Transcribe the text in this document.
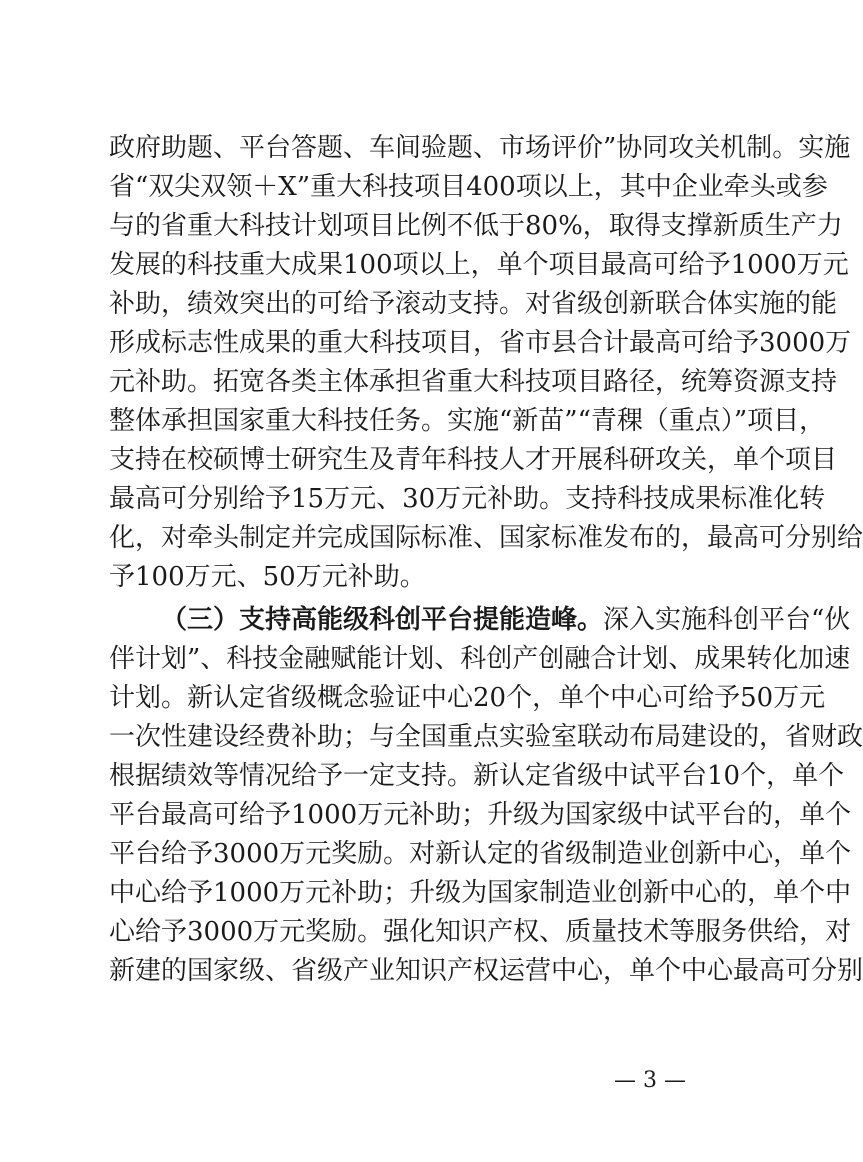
政府助题、平台答题、车间验题、市场评价”协同攻关机制。实施
省“双尖双领＋X”重大科技项目400项以上，其中企业牵头或参
与的省重大科技计划项目比例不低于80%，取得支撑新质生产力
发展的科技重大成果100项以上，单个项目最高可给予1000万元
补助，绩效突出的可给予滚动支持。对省级创新联合体实施的能
形成标志性成果的重大科技项目，省市县合计最高可给予3000万
元补助。拓宽各类主体承担省重大科技项目路径，统筹资源支持
整体承担国家重大科技任务。实施“新苗”“青稞（重点）”项目，
支持在校硕博士研究生及青年科技人才开展科研攻关，单个项目
最高可分别给予15万元、30万元补助。支持科技成果标准化转
化，对牵头制定并完成国际标准、国家标准发布的，最高可分别给
予100万元、50万元补助。
（三）支持高能级科创平台提能造峰。深入实施科创平台“伙
伴计划”、科技金融赋能计划、科创产创融合计划、成果转化加速
计划。新认定省级概念验证中心20个，单个中心可给予50万元
一次性建设经费补助；与全国重点实验室联动布局建设的，省财政
根据绩效等情况给予一定支持。新认定省级中试平台10个，单个
平台最高可给予1000万元补助；升级为国家级中试平台的，单个
平台给予3000万元奖励。对新认定的省级制造业创新中心，单个
中心给予1000万元补助；升级为国家制造业创新中心的，单个中
心给予3000万元奖励。强化知识产权、质量技术等服务供给，对
新建的国家级、省级产业知识产权运营中心，单个中心最高可分别
— 3 —
